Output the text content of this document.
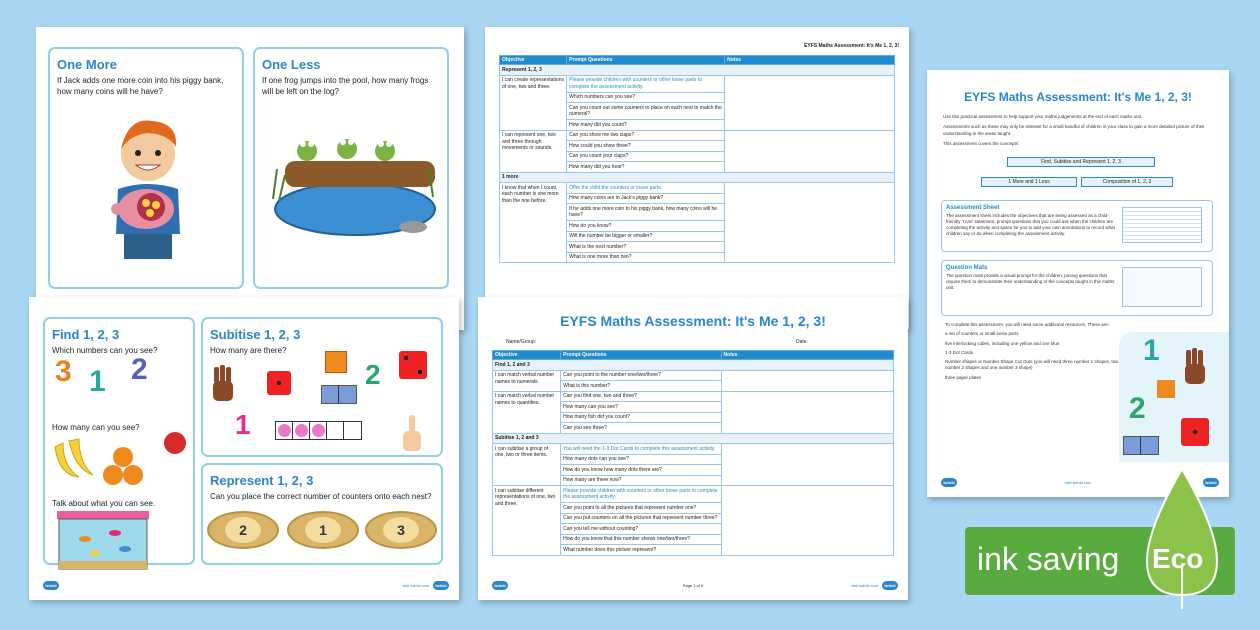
One More

If Jack adds one more coin into his piggy bank, how many coins will he have?

One Less

If one frog jumps into the pool, how many frogs will be left on the log?

Find 1, 2, 3

Which numbers can you see?

3 1 2

How many can you see?

Talk about what you can see.

Subitise 1, 2, 3

How many are there?

2
1
Represent 1, 2, 3

Can you place the correct number of counters onto each nest?

2	1	3
twinkl	visit twinkl.com	twinkl
EYFS Maths Assessment: It's Me 1, 2, 3!
Objective	Prompt Questions	Notes
Represent 1, 2, 3		
I can create representations of one, two and three.	Please provide children with counters or other loose parts to complete the assessment activity.	
	Which numbers can you see?	
	Can you count out some counters to place on each nest to match the numeral?	
	How many did you count?	
I can represent one, two and three through movements or sounds.	Can you show me two claps?	
	How could you show three?	
	Can you count your claps?	
	How many did you hear?	
1 more		
I know that when I count, each number is one more than the one before.	Offer the child the counters or loose parts.	
	How many coins are in Jack's piggy bank?	
	If he adds one more coin to his piggy bank, how many coins will he have?	
	How do you know?	
	Will the number be bigger or smaller?	
	What is the next number?	
	What is one more than two?	
EYFS Maths Assessment: It's Me 1, 2, 3!
Name/Group:	Date:
Objective	Prompt Questions	Notes
Find 1, 2 and 3		
I can match verbal number names to numerals.	Can you point to the number one/two/three?	
	What is this number?	
I can match verbal number names to quantities.	Can you find one, two and three?	
	How many can you see?	
	How many fish did you count?	
	Can you see three?	
Subitise 1, 2 and 3		
I can subitise a group of one, two or three items.	You will need the 1-3 Dot Cards to complete this assessment activity.	
	How many dots can you see?	
	How do you know how many dots there are?	
	How many are there now?	
I can subitise different representations of one, two and three.	Please provide children with counters or other loose parts to complete the assessment activity.	
	Can you point to all the pictures that represent number one?	
	Can you put counters on all the pictures that represent number three?	
	Can you tell me without counting?	
	How do you know that this number shows one/two/three?	
	What number does this picture represent?	
twinkl	Page 1 of 5	visit twinkl.com	twinkl
EYFS Maths Assessment: It's Me 1, 2, 3!

Use this practical assessment to help support your maths judgements at the end of each maths unit.

Assessments such as these may only be relevant for a small handful of children in your class to gain a more detailed picture of their understanding in the areas taught.

This assessment covers the concepts:

Find, Subitise and Represent 1, 2, 3
1 More and 1 Less	Composition of 1, 2, 3
Assessment Sheet

The assessment sheet includes the objectives that are being assessed as a child-friendly 'I can' statement, prompt questions that you could ask when the children are completing the activity and space for you to add your own annotations to record what children say or do when completing the assessment activity.

Question Mats

The question mats provide a visual prompt for the children, posing questions that require them to demonstrate their understanding of the concepts taught in this maths unit.

To complete this assessment, you will need some additional resources. These are:

a set of counters or small loose parts

five interlocking cubes, including one yellow and one blue

1-3 Dot Cards

Number shapes or Number Shape Cut Outs (you will need three number 1 shapes, two number 2 shapes and one number 3 shape)

three paper plates

1
2
twinkl	visit twinkl.com	twinkl
ink saving Eco
